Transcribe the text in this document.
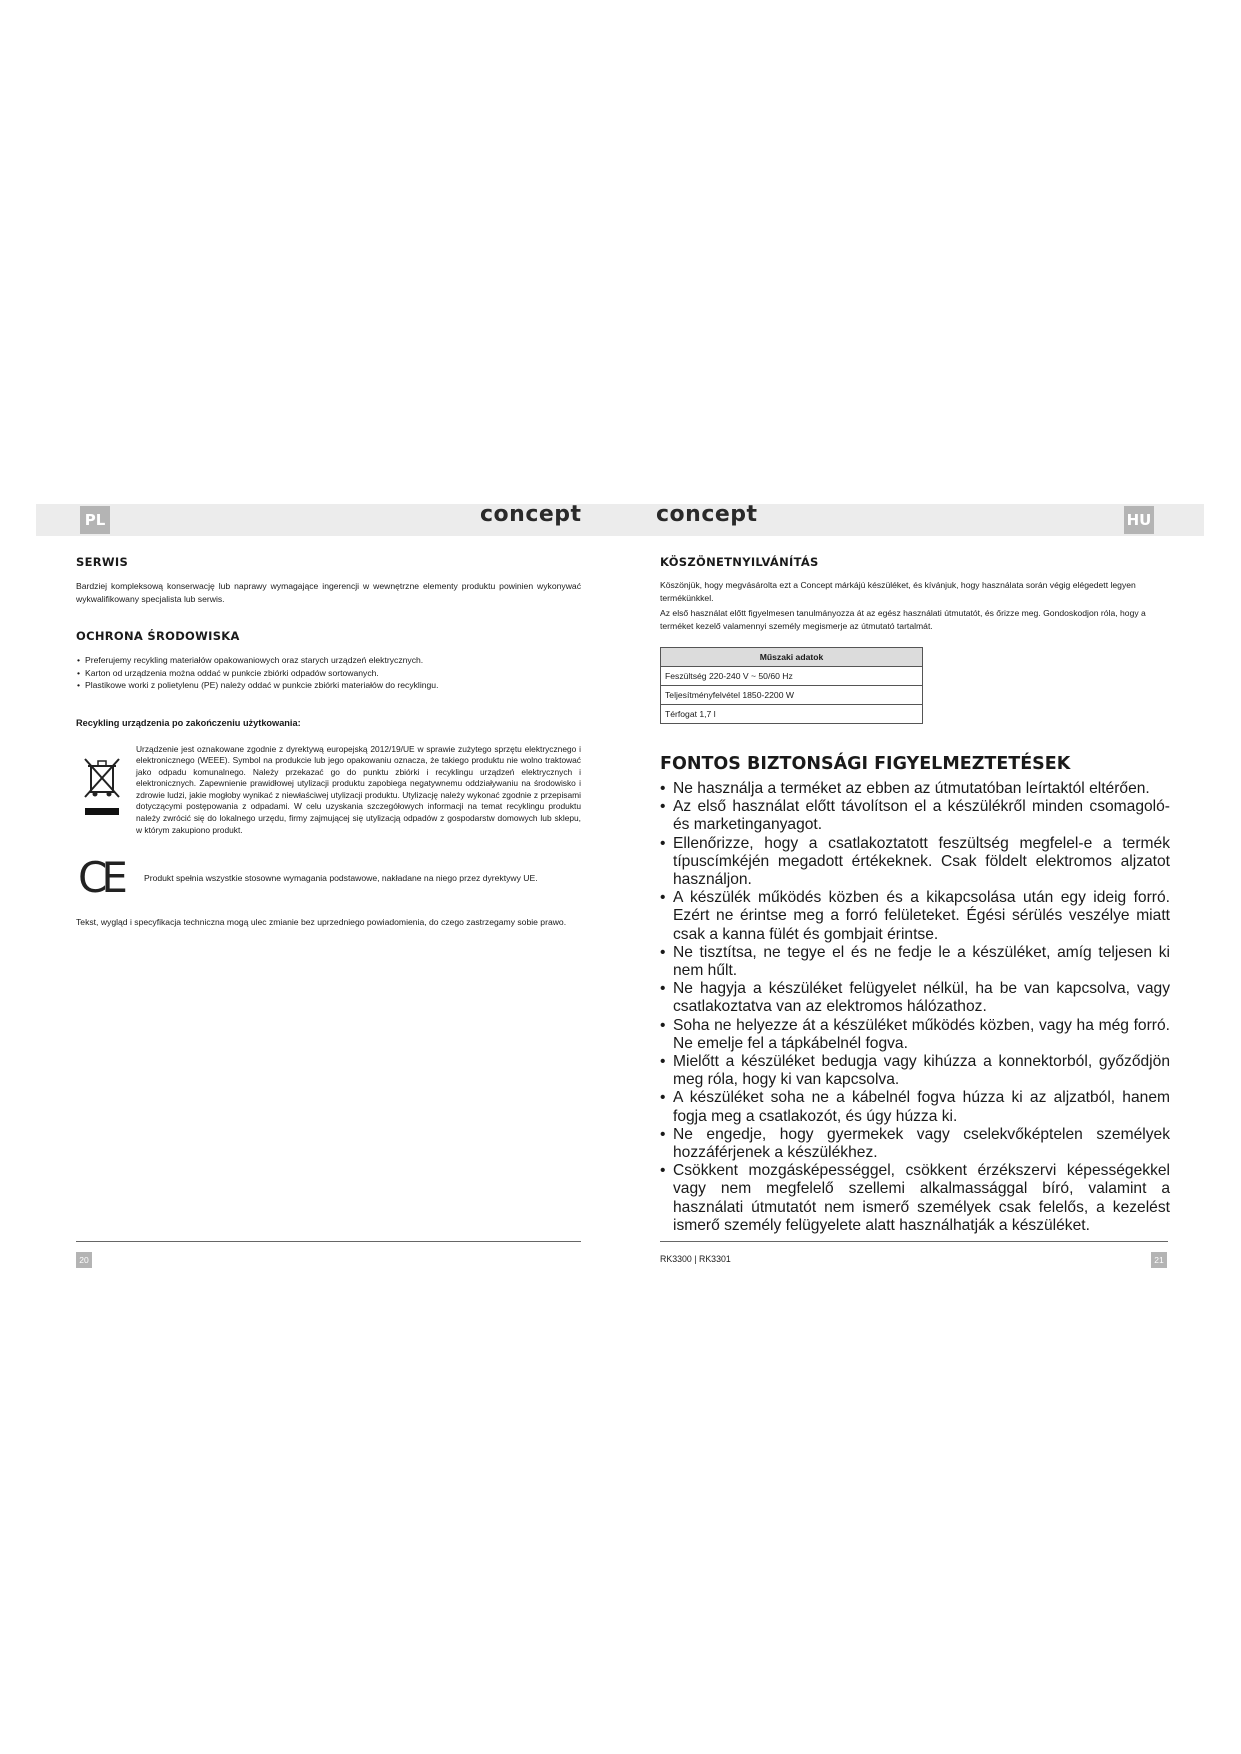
PL	HU
concept	concept
SERWIS

Bardziej kompleksową konserwację lub naprawy wymagające ingerencji w wewnętrzne elementy produktu powinien wykonywać wykwalifikowany specjalista lub serwis.

OCHRONA ŚRODOWISKA
• Preferujemy recykling materiałów opakowaniowych oraz starych urządzeń elektrycznych.
• Karton od urządzenia można oddać w punkcie zbiórki odpadów sortowanych.
• Plastikowe worki z polietylenu (PE) należy oddać w punkcie zbiórki materiałów do recyklingu.

Recykling urządzenia po zakończeniu użytkowania:

Urządzenie jest oznakowane zgodnie z dyrektywą europejską 2012/19/UE w sprawie zużytego sprzętu elektrycznego i elektronicznego (WEEE). Symbol na produkcie lub jego opakowaniu oznacza, że takiego produktu nie wolno traktować jako odpadu komunalnego. Należy przekazać go do punktu zbiórki i recyklingu urządzeń elektrycznych i elektronicznych. Zapewnienie prawidłowej utylizacji produktu zapobiega negatywnemu oddziaływaniu na środowisko i zdrowie ludzi, jakie mogłoby wynikać z niewłaściwej utylizacji produktu. Utylizację należy wykonać zgodnie z przepisami dotyczącymi postępowania z odpadami. W celu uzyskania szczegółowych informacji na temat recyklingu produktu należy zwrócić się do lokalnego urzędu, firmy zajmującej się utylizacją odpadów z gospodarstw domowych lub sklepu, w którym zakupiono produkt.

CE	Produkt spełnia wszystkie stosowne wymagania podstawowe, nakładane na niego przez dyrektywy UE.

Tekst, wygląd i specyfikacja techniczna mogą ulec zmianie bez uprzedniego powiadomienia, do czego zastrzegamy sobie prawo.

KÖSZÖNETNYILVÁNÍTÁS

Köszönjük, hogy megvásárolta ezt a Concept márkájú készüléket, és kívánjuk, hogy használata során végig elégedett legyen termékünkkel.

Az első használat előtt figyelmesen tanulmányozza át az egész használati útmutatót, és őrizze meg. Gondoskodjon róla, hogy a terméket kezelő valamennyi személy megismerje az útmutató tartalmát.

Műszaki adatok
Feszültség 220-240 V ~ 50/60 Hz
Teljesítményfelvétel 1850-2200 W
Térfogat 1,7 l
FONTOS BIZTONSÁGI FIGYELMEZTETÉSEK
• Ne használja a terméket az ebben az útmutatóban leírtaktól eltérően.
• Az első használat előtt távolítson el a készülékről minden csomagoló- és marketinganyagot.
• Ellenőrizze, hogy a csatlakoztatott feszültség megfelel-e a termék típuscímkéjén megadott értékeknek. Csak földelt elektromos aljzatot használjon.
• A készülék működés közben és a kikapcsolása után egy ideig forró. Ezért ne érintse meg a forró felületeket. Égési sérülés veszélye miatt csak a kanna fülét és gombjait érintse.
• Ne tisztítsa, ne tegye el és ne fedje le a készüléket, amíg teljesen ki nem hűlt.
• Ne hagyja a készüléket felügyelet nélkül, ha be van kapcsolva, vagy csatlakoztatva van az elektromos hálózathoz.
• Soha ne helyezze át a készüléket működés közben, vagy ha még forró. Ne emelje fel a tápkábelnél fogva.
• Mielőtt a készüléket bedugja vagy kihúzza a konnektorból, győződjön meg róla, hogy ki van kapcsolva.
• A készüléket soha ne a kábelnél fogva húzza ki az aljzatból, hanem fogja meg a csatlakozót, és úgy húzza ki.
• Ne engedje, hogy gyermekek vagy cselekvőképtelen személyek hozzáférjenek a készülékhez.
• Csökkent mozgásképességgel, csökkent érzékszervi képességekkel vagy nem megfelelő szellemi alkalmassággal bíró, valamint a használati útmutatót nem ismerő személyek csak felelős, a kezelést ismerő személy felügyelete alatt használhatják a készüléket.
20	RK3300 | RK3301	21
